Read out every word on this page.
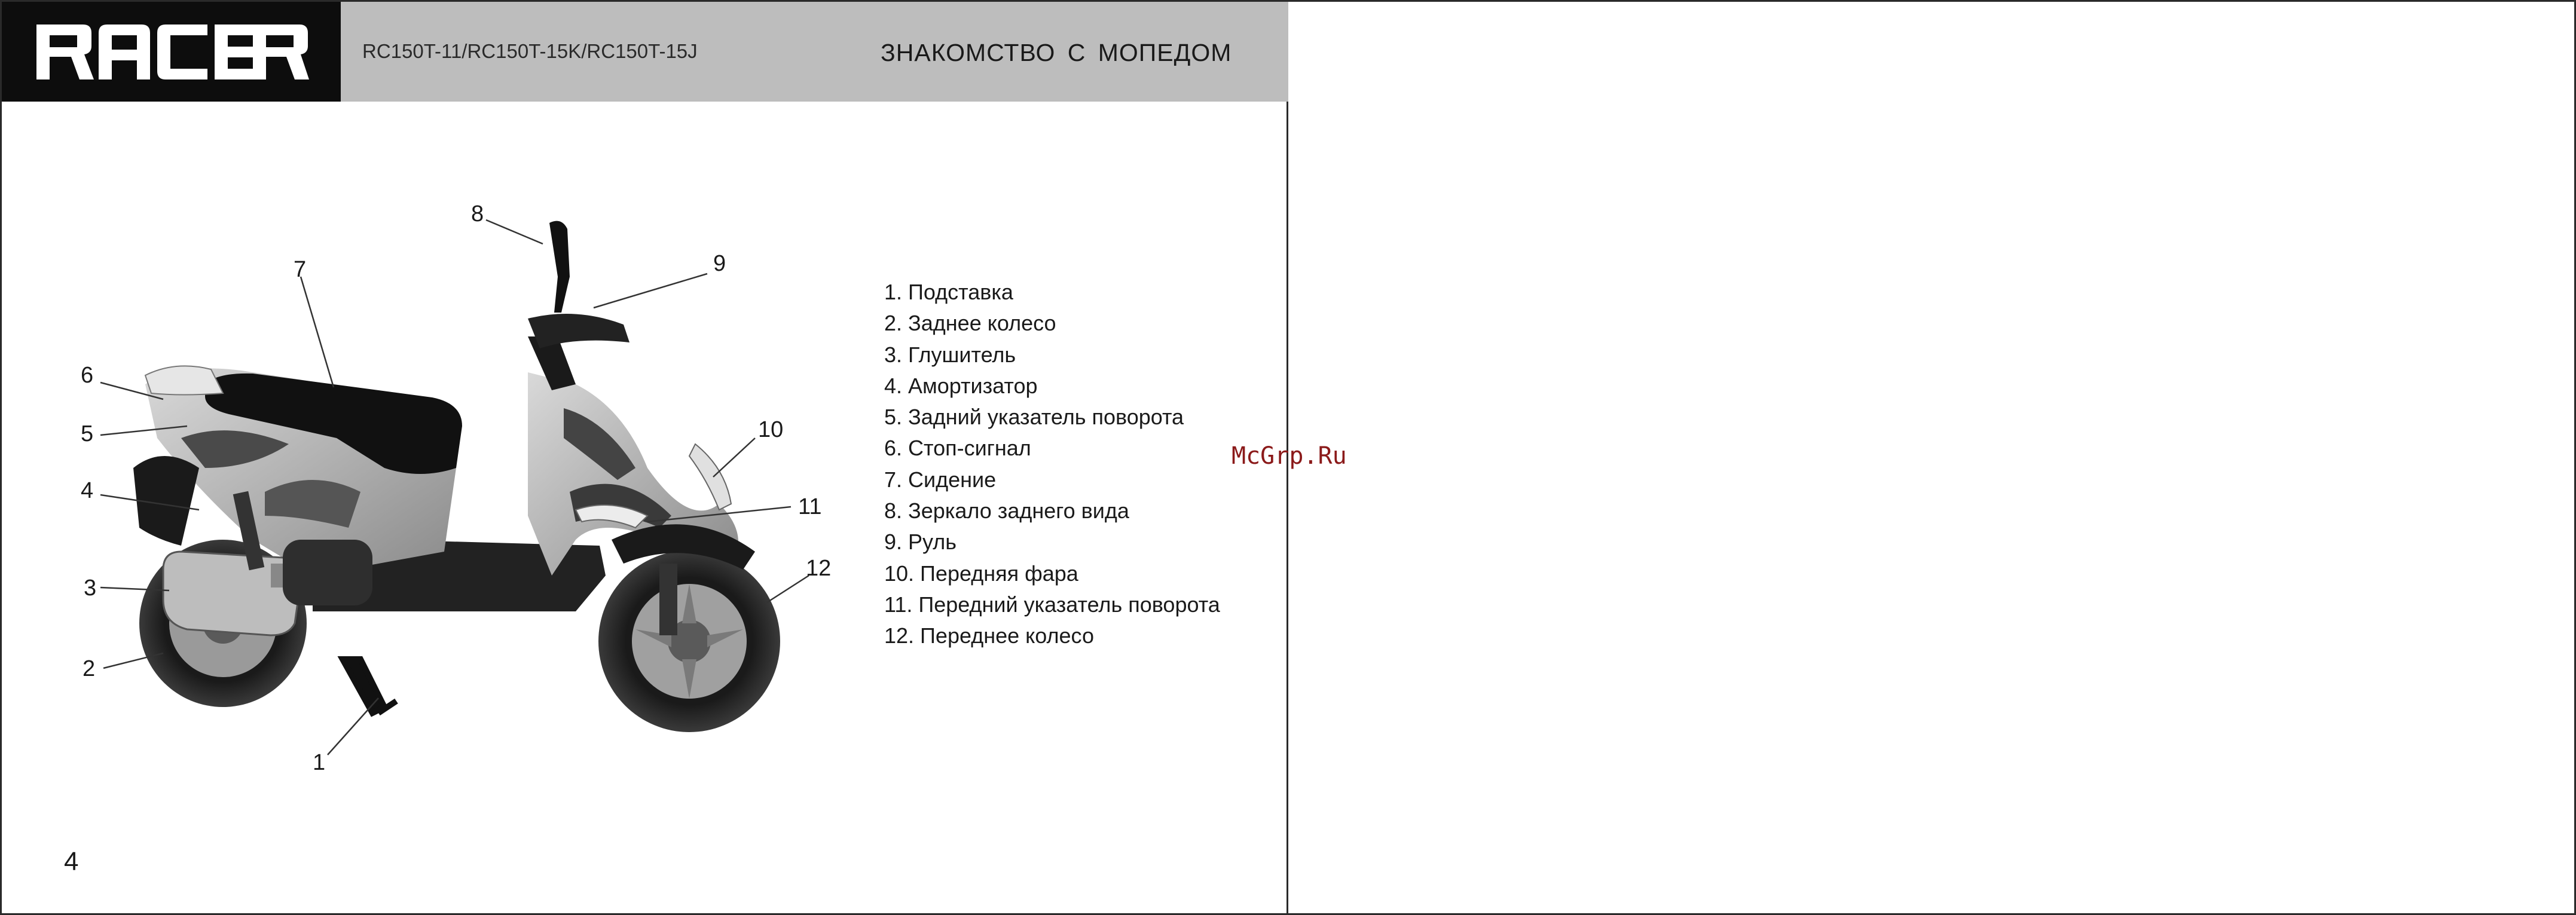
RC150T-11/RC150T-15K/RC150T-15J	ЗНАКОМСТВО С МОПЕДОМ
1
2
3
4
5
6
7
8
9
10
11
12
1. Подставка
2. Заднее колесо
3. Глушитель
4. Амортизатор
5. Задний указатель поворота
6. Стоп-сигнал
7. Сидение
8. Зеркало заднего вида
9. Руль
10. Передняя фара
11. Передний указатель поворота
12. Переднее колесо
4
McGrp.Ru
